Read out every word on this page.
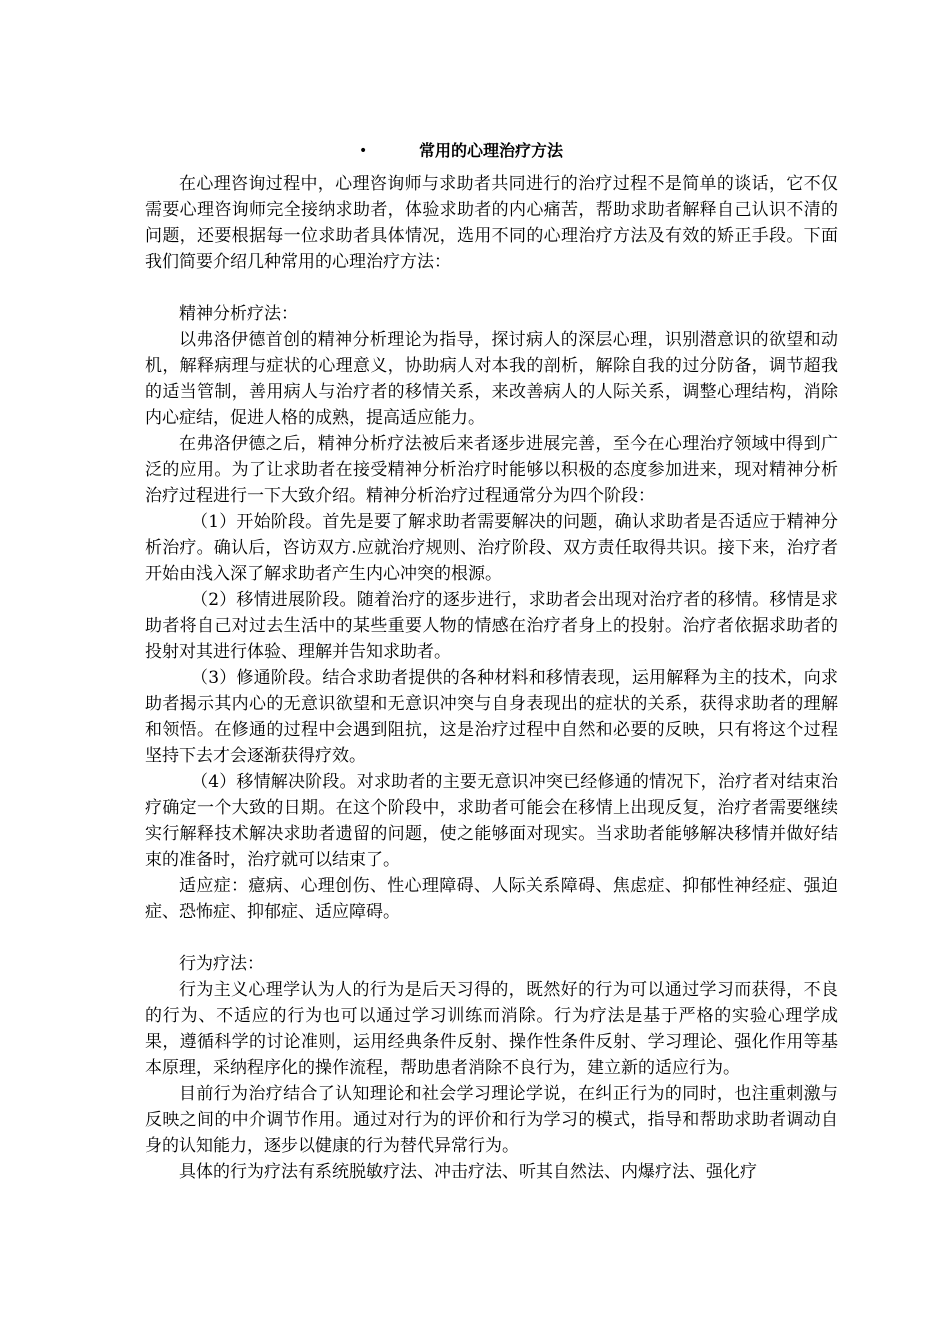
•	常用的心理治疗方法

在心理咨询过程中，心理咨询师与求助者共同进行的治疗过程不是简单的谈话，它不仅需要心理咨询师完全接纳求助者，体验求助者的内心痛苦，帮助求助者解释自己认识不清的问题，还要根据每一位求助者具体情况，选用不同的心理治疗方法及有效的矫正手段。下面我们简要介绍几种常用的心理治疗方法：

精神分析疗法：

以弗洛伊德首创的精神分析理论为指导，探讨病人的深层心理，识别潜意识的欲望和动机，解释病理与症状的心理意义，协助病人对本我的剖析，解除自我的过分防备，调节超我的适当管制，善用病人与治疗者的移情关系，来改善病人的人际关系，调整心理结构，消除内心症结，促进人格的成熟，提高适应能力。

在弗洛伊德之后，精神分析疗法被后来者逐步进展完善，至今在心理治疗领域中得到广泛的应用。为了让求助者在接受精神分析治疗时能够以积极的态度参加进来，现对精神分析治疗过程进行一下大致介绍。精神分析治疗过程通常分为四个阶段：

（1）开始阶段。首先是要了解求助者需要解决的问题，确认求助者是否适应于精神分析治疗。确认后，咨访双方.应就治疗规则、治疗阶段、双方责任取得共识。接下来，治疗者开始由浅入深了解求助者产生内心冲突的根源。

（2）移情进展阶段。随着治疗的逐步进行，求助者会出现对治疗者的移情。移情是求助者将自己对过去生活中的某些重要人物的情感在治疗者身上的投射。治疗者依据求助者的投射对其进行体验、理解并告知求助者。

（3）修通阶段。结合求助者提供的各种材料和移情表现，运用解释为主的技术，向求助者揭示其内心的无意识欲望和无意识冲突与自身表现出的症状的关系，获得求助者的理解和领悟。在修通的过程中会遇到阻抗，这是治疗过程中自然和必要的反映，只有将这个过程坚持下去才会逐渐获得疗效。

（4）移情解决阶段。对求助者的主要无意识冲突已经修通的情况下，治疗者对结束治疗确定一个大致的日期。在这个阶段中，求助者可能会在移情上出现反复，治疗者需要继续实行解释技术解决求助者遗留的问题，使之能够面对现实。当求助者能够解决移情并做好结束的准备时，治疗就可以结束了。

适应症：癔病、心理创伤、性心理障碍、人际关系障碍、焦虑症、抑郁性神经症、强迫症、恐怖症、抑郁症、适应障碍。

行为疗法：

行为主义心理学认为人的行为是后天习得的，既然好的行为可以通过学习而获得，不良的行为、不适应的行为也可以通过学习训练而消除。行为疗法是基于严格的实验心理学成果，遵循科学的讨论准则，运用经典条件反射、操作性条件反射、学习理论、强化作用等基本原理，采纳程序化的操作流程，帮助患者消除不良行为，建立新的适应行为。

目前行为治疗结合了认知理论和社会学习理论学说，在纠正行为的同时，也注重刺激与反映之间的中介调节作用。通过对行为的评价和行为学习的模式，指导和帮助求助者调动自身的认知能力，逐步以健康的行为替代异常行为。

具体的行为疗法有系统脱敏疗法、冲击疗法、听其自然法、内爆疗法、强化疗
